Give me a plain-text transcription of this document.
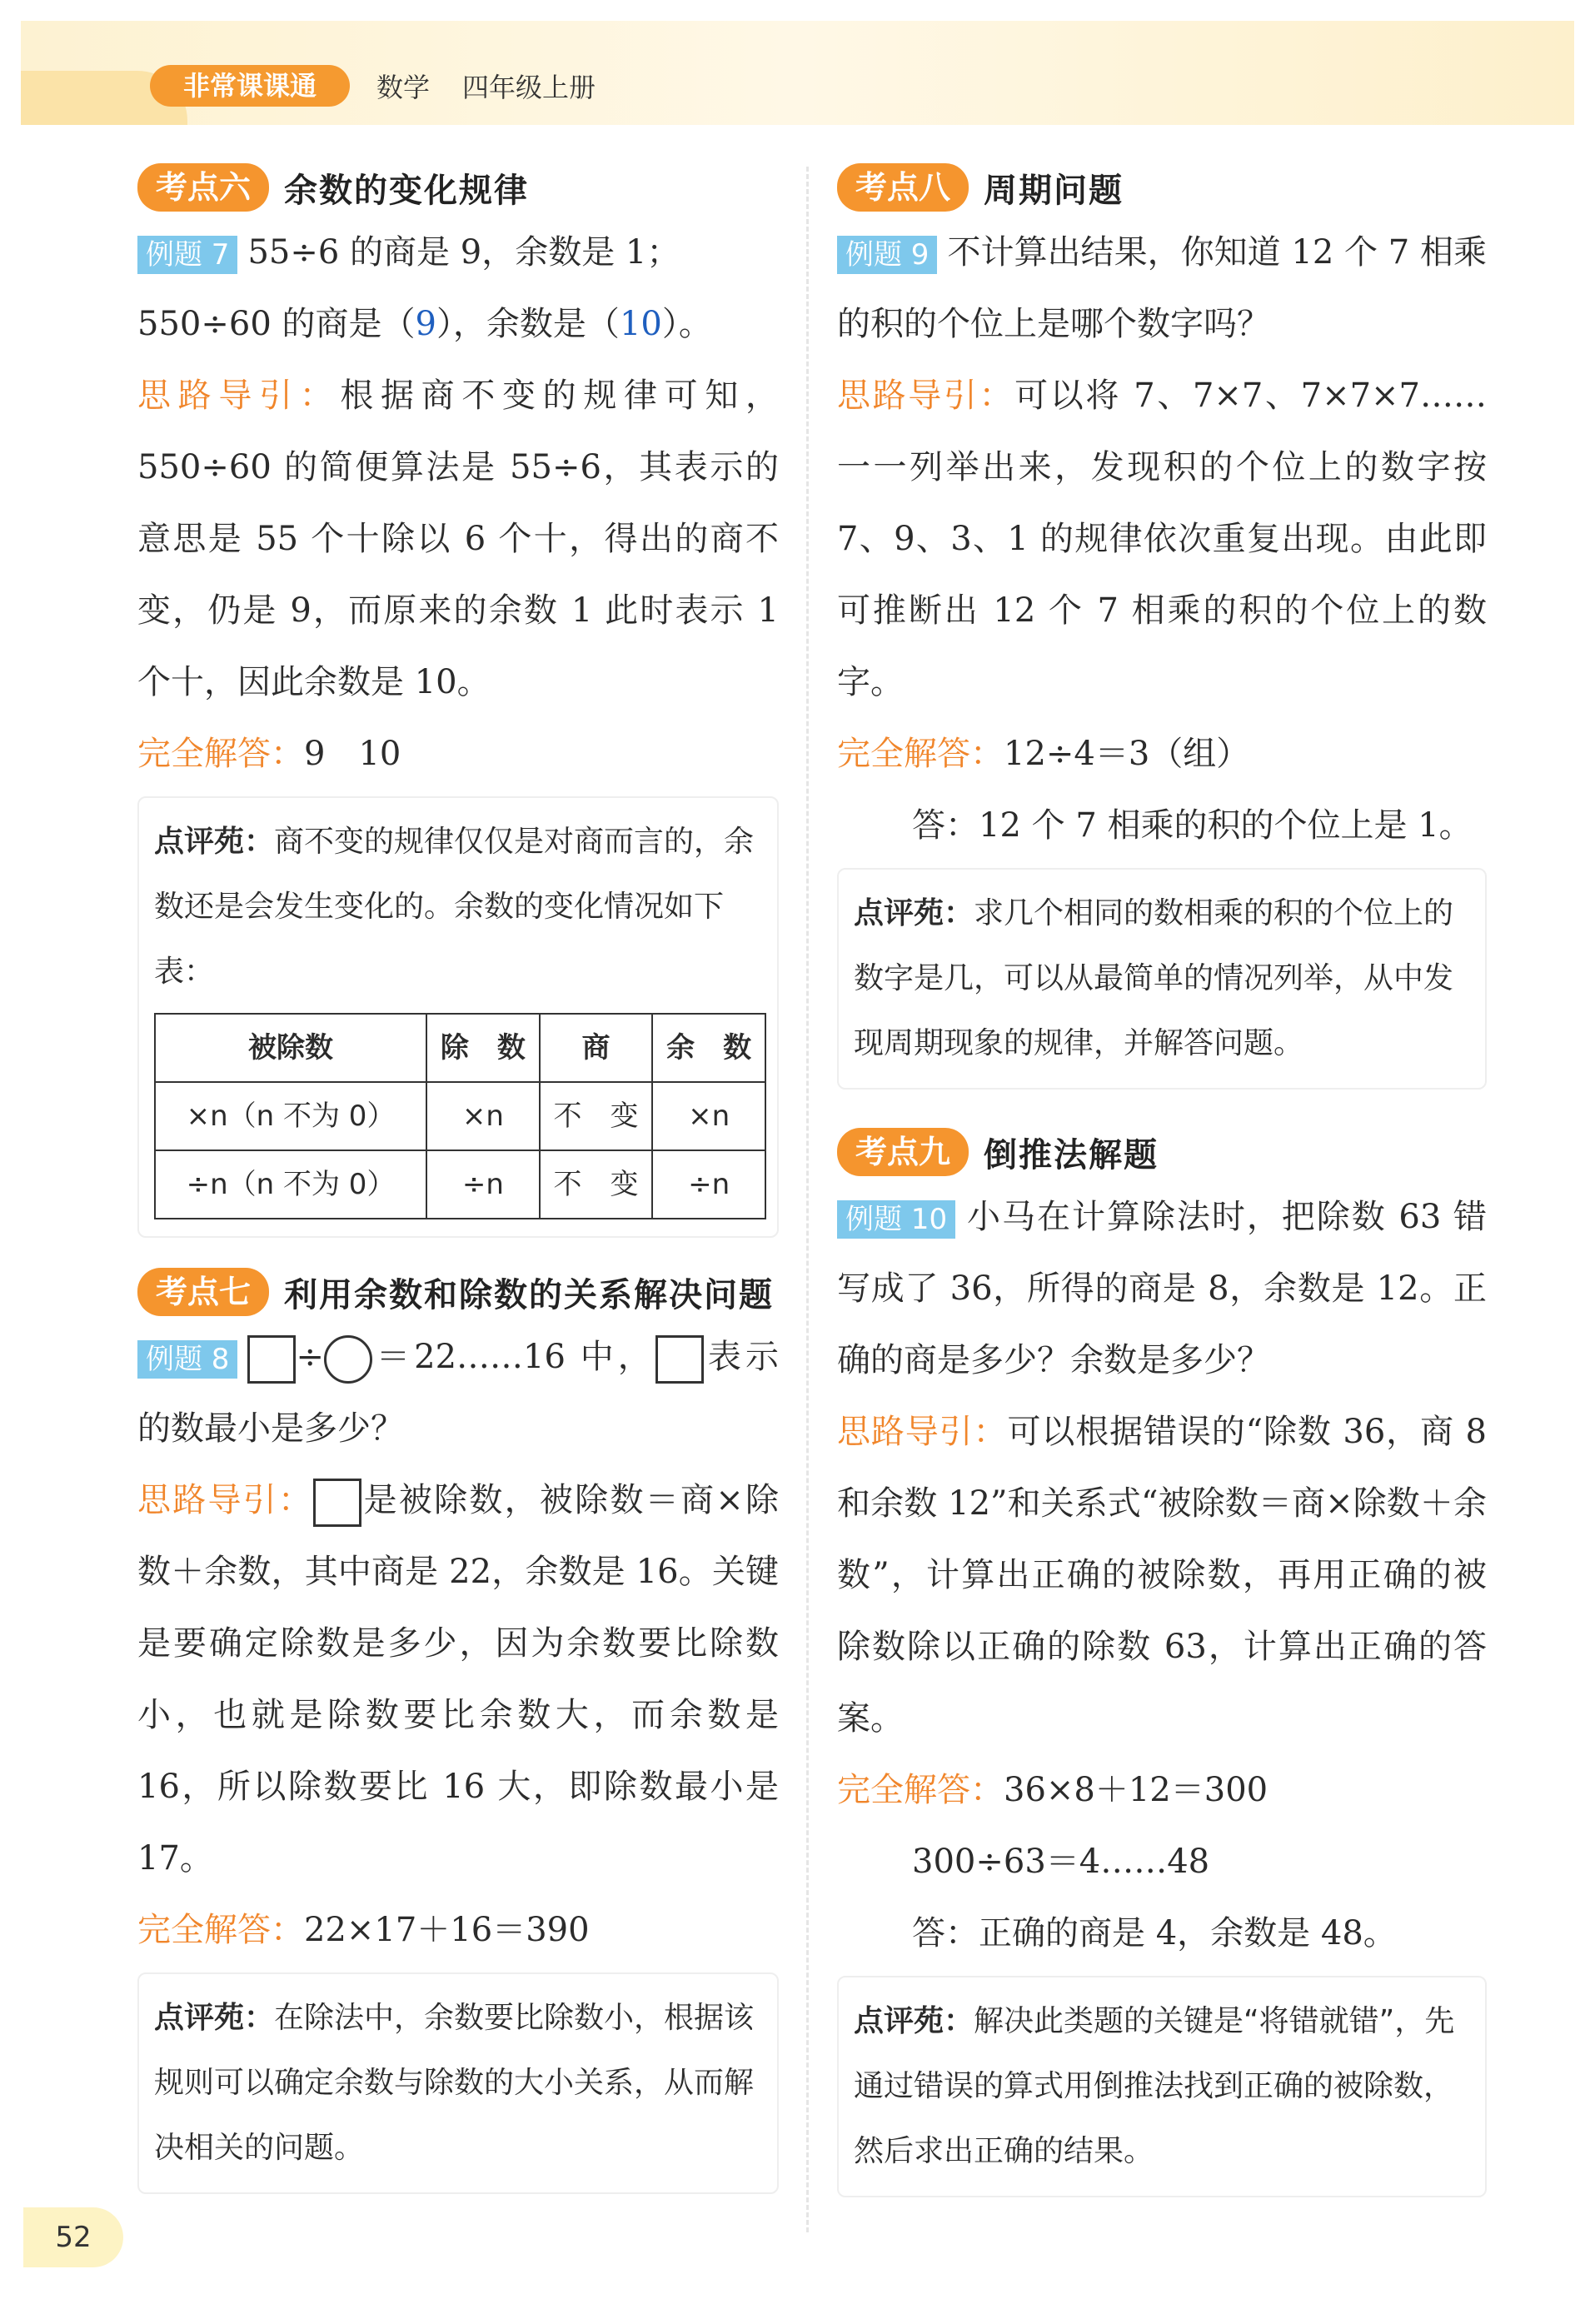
非常课课通	数学 四年级上册
考点六	余数的变化规律
例题 7 55÷6 的商是 9，余数是 1；
550÷60 的商是（9），余数是（10）。
思路导引：根据商不变的规律可知，550÷60 的简便算法是 55÷6，其表示的意思是 55 个十除以 6 个十，得出的商不变，仍是 9，而原来的余数 1 此时表示 1 个十，因此余数是 10。
完全解答：9　10
点评苑：商不变的规律仅仅是对商而言的，余数还是会发生变化的。余数的变化情况如下表：
被除数	除　数	商	余　数
×n（n 不为 0）	×n	不　变	×n
÷n（n 不为 0）	÷n	不　变	÷n
考点七	利用余数和除数的关系解决问题
例题 8 ÷ ＝22……16 中， 表示的数最小是多少？
思路导引： 是被除数，被除数＝商×除数＋余数，其中商是 22，余数是 16。关键是要确定除数是多少，因为余数要比除数小，也就是除数要比余数大，而余数是 16，所以除数要比 16 大，即除数最小是 17。
完全解答：22×17＋16＝390
点评苑：在除法中，余数要比除数小，根据该规则可以确定余数与除数的大小关系，从而解决相关的问题。
考点八	周期问题
例题 9 不计算出结果，你知道 12 个 7 相乘的积的个位上是哪个数字吗？
思路导引：可以将 7、7×7、7×7×7……一一列举出来，发现积的个位上的数字按 7、9、3、1 的规律依次重复出现。由此即可推断出 12 个 7 相乘的积的个位上的数字。
完全解答：12÷4＝3（组）
答：12 个 7 相乘的积的个位上是 1。
点评苑：求几个相同的数相乘的积的个位上的数字是几，可以从最简单的情况列举，从中发现周期现象的规律，并解答问题。
考点九	倒推法解题
例题 10 小马在计算除法时，把除数 63 错写成了 36，所得的商是 8，余数是 12。正确的商是多少？余数是多少？
思路导引：可以根据错误的“除数 36，商 8 和余数 12”和关系式“被除数＝商×除数＋余数”，计算出正确的被除数，再用正确的被除数除以正确的除数 63，计算出正确的答案。
完全解答：36×8＋12＝300
300÷63＝4……48
答：正确的商是 4，余数是 48。
点评苑：解决此类题的关键是“将错就错”，先通过错误的算式用倒推法找到正确的被除数，然后求出正确的结果。
52
